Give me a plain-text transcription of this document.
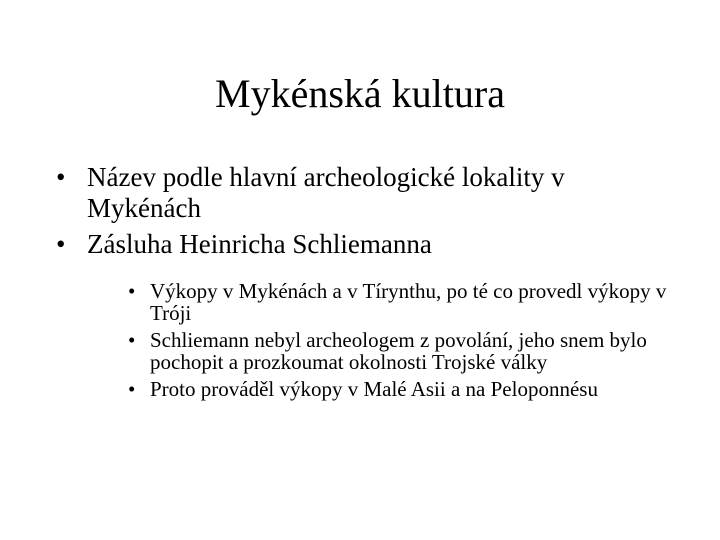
Mykénská kultura
• Název podle hlavní archeologické lokality v Mykénách
• Zásluha Heinricha Schliemanna
• Výkopy v Mykénách a v Tírynthu, po té co provedl výkopy v Tróji
• Schliemann nebyl archeologem z povolání, jeho snem bylo pochopit a prozkoumat okolnosti Trojské války
• Proto prováděl výkopy v Malé Asii a na Peloponnésu
